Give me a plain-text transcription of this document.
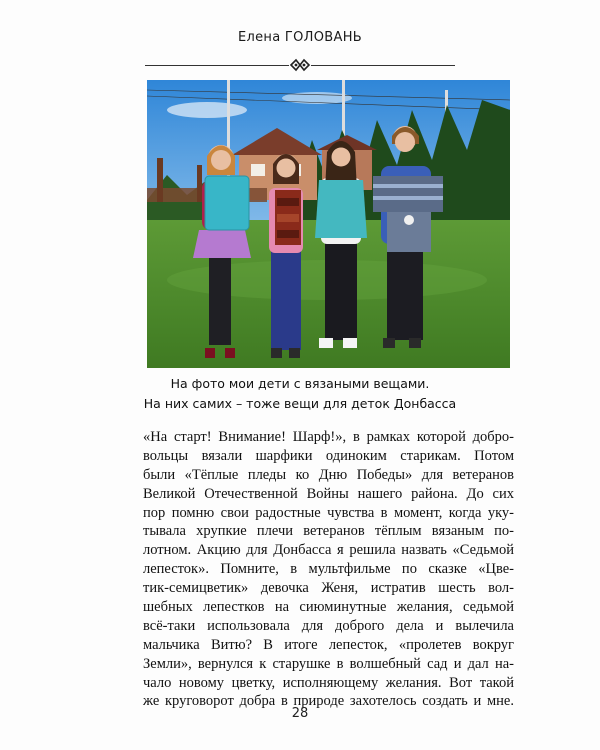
Елена ГОЛОВАНЬ
На фото мои дети с вязаными вещами.
На них самих – тоже вещи для деток Донбасса
«На старт! Внимание! Шарф!», в рамках которой добро-
вольцы вязали шарфики одиноким старикам. Потом
были «Тёплые пледы ко Дню Победы» для ветеранов
Великой Отечественной Войны нашего района. До сих
пор помню свои радостные чувства в момент, когда уку-
тывала хрупкие плечи ветеранов тёплым вязаным по-
лотном. Акцию для Донбасса я решила назвать «Седьмой
лепесток». Помните, в мультфильме по сказке «Цве-
тик-семицветик» девочка Женя, истратив шесть вол-
шебных лепестков на сиюминутные желания, седьмой
всё-таки использовала для доброго дела и вылечила
мальчика Витю? В итоге лепесток, «пролетев вокруг
Земли», вернулся к старушке в волшебный сад и дал на-
чало новому цветку, исполняющему желания. Вот такой
же круговорот добра в природе захотелось создать и мне.
28
